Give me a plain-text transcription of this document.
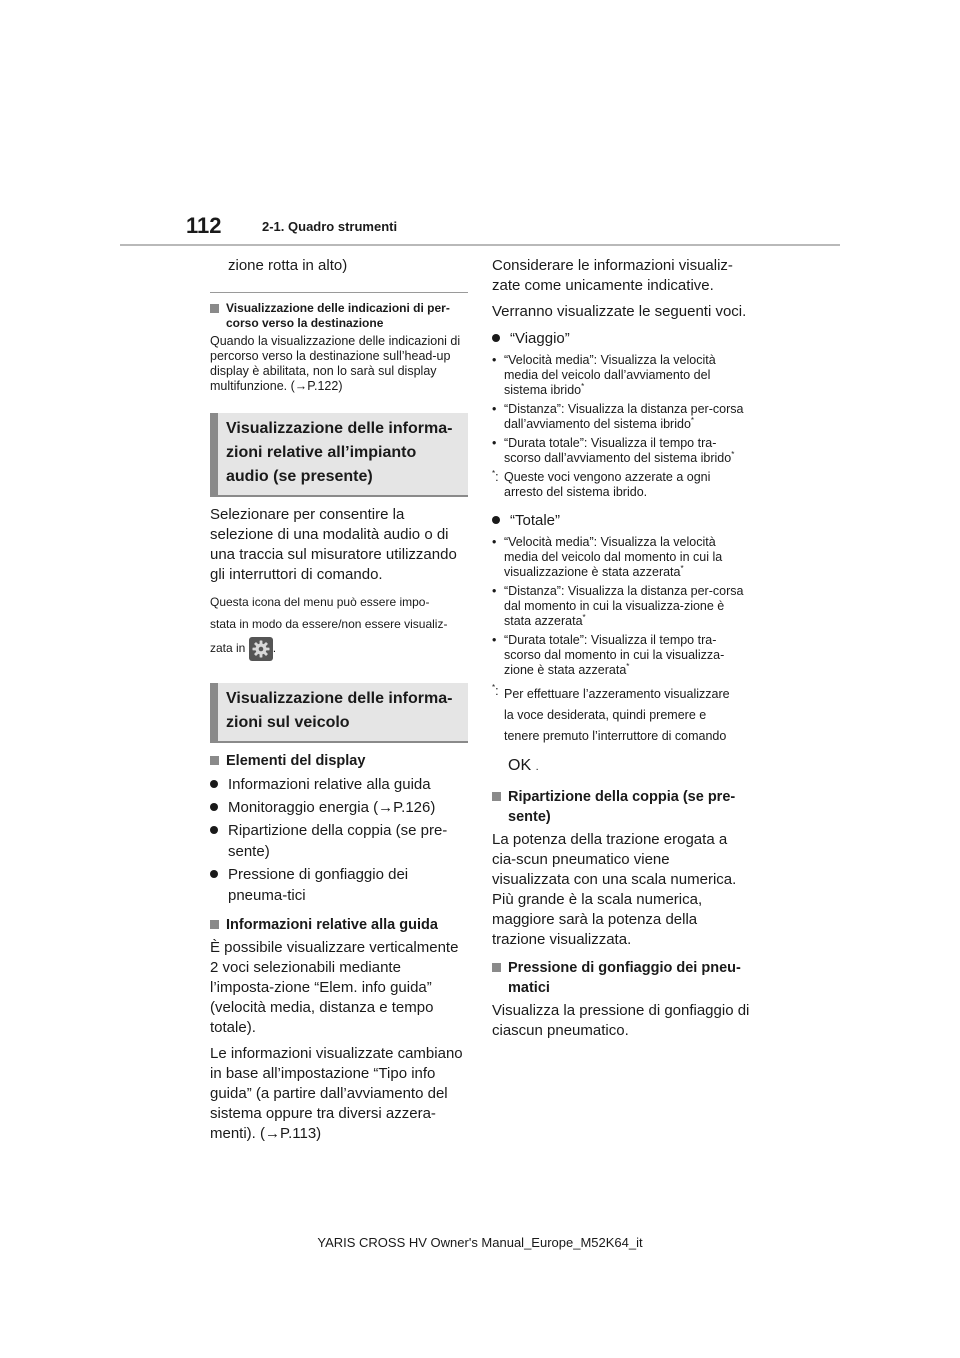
112	2-1. Quadro strumenti

zione rotta in alto)

Visualizzazione delle indicazioni di per-corso verso la destinazione

Quando la visualizzazione delle indicazioni di percorso verso la destinazione sull’head-up display è abilitata, non lo sarà sul display multifunzione. (→P.122)

Visualizzazione delle informa-zioni relative all’impianto audio (se presente)

Selezionare per consentire la selezione di una modalità audio o di una traccia sul misuratore utilizzando gli interruttori di comando.

Questa icona del menu può essere impo-

stata in modo da essere/non essere visualiz-

zata in .

Visualizzazione delle informa-zioni sul veicolo
Elementi del display
Informazioni relative alla guida
Monitoraggio energia (→P.126)
Ripartizione della coppia (se pre-sente)
Pressione di gonfiaggio dei pneuma-tici
Informazioni relative alla guida

È possibile visualizzare verticalmente 2 voci selezionabili mediante l’imposta-zione “Elem. info guida” (velocità media, distanza e tempo totale).

Le informazioni visualizzate cambiano in base all’impostazione “Tipo info guida” (a partire dall’avviamento del sistema oppure tra diversi azzera-menti). (→P.113)

Considerare le informazioni visualiz-zate come unicamente indicative.

Verranno visualizzate le seguenti voci.

“Viaggio”
• “Velocità media”: Visualizza la velocità media del veicolo dall’avviamento del sistema ibrido*
• “Distanza”: Visualizza la distanza per-corsa dall’avviamento del sistema ibrido*
• “Durata totale”: Visualizza il tempo tra-scorso dall’avviamento del sistema ibrido*
*: Queste voci vengono azzerate a ogni arresto del sistema ibrido.
“Totale”
• “Velocità media”: Visualizza la velocità media del veicolo dal momento in cui la visualizzazione è stata azzerata*
• “Distanza”: Visualizza la distanza per-corsa dal momento in cui la visualizza-zione è stata azzerata*
• “Durata totale”: Visualizza il tempo tra-scorso dal momento in cui la visualizza-zione è stata azzerata*
*: Per effettuare l’azzeramento visualizzare
la voce desiderata, quindi premere e
tenere premuto l’interruttore di comando
OK .
Ripartizione della coppia (se pre-sente)

La potenza della trazione erogata a cia-scun pneumatico viene visualizzata con una scala numerica. Più grande è la scala numerica, maggiore sarà la potenza della trazione visualizzata.

Pressione di gonfiaggio dei pneu-matici

Visualizza la pressione di gonfiaggio di ciascun pneumatico.

YARIS CROSS HV Owner's Manual_Europe_M52K64_it
